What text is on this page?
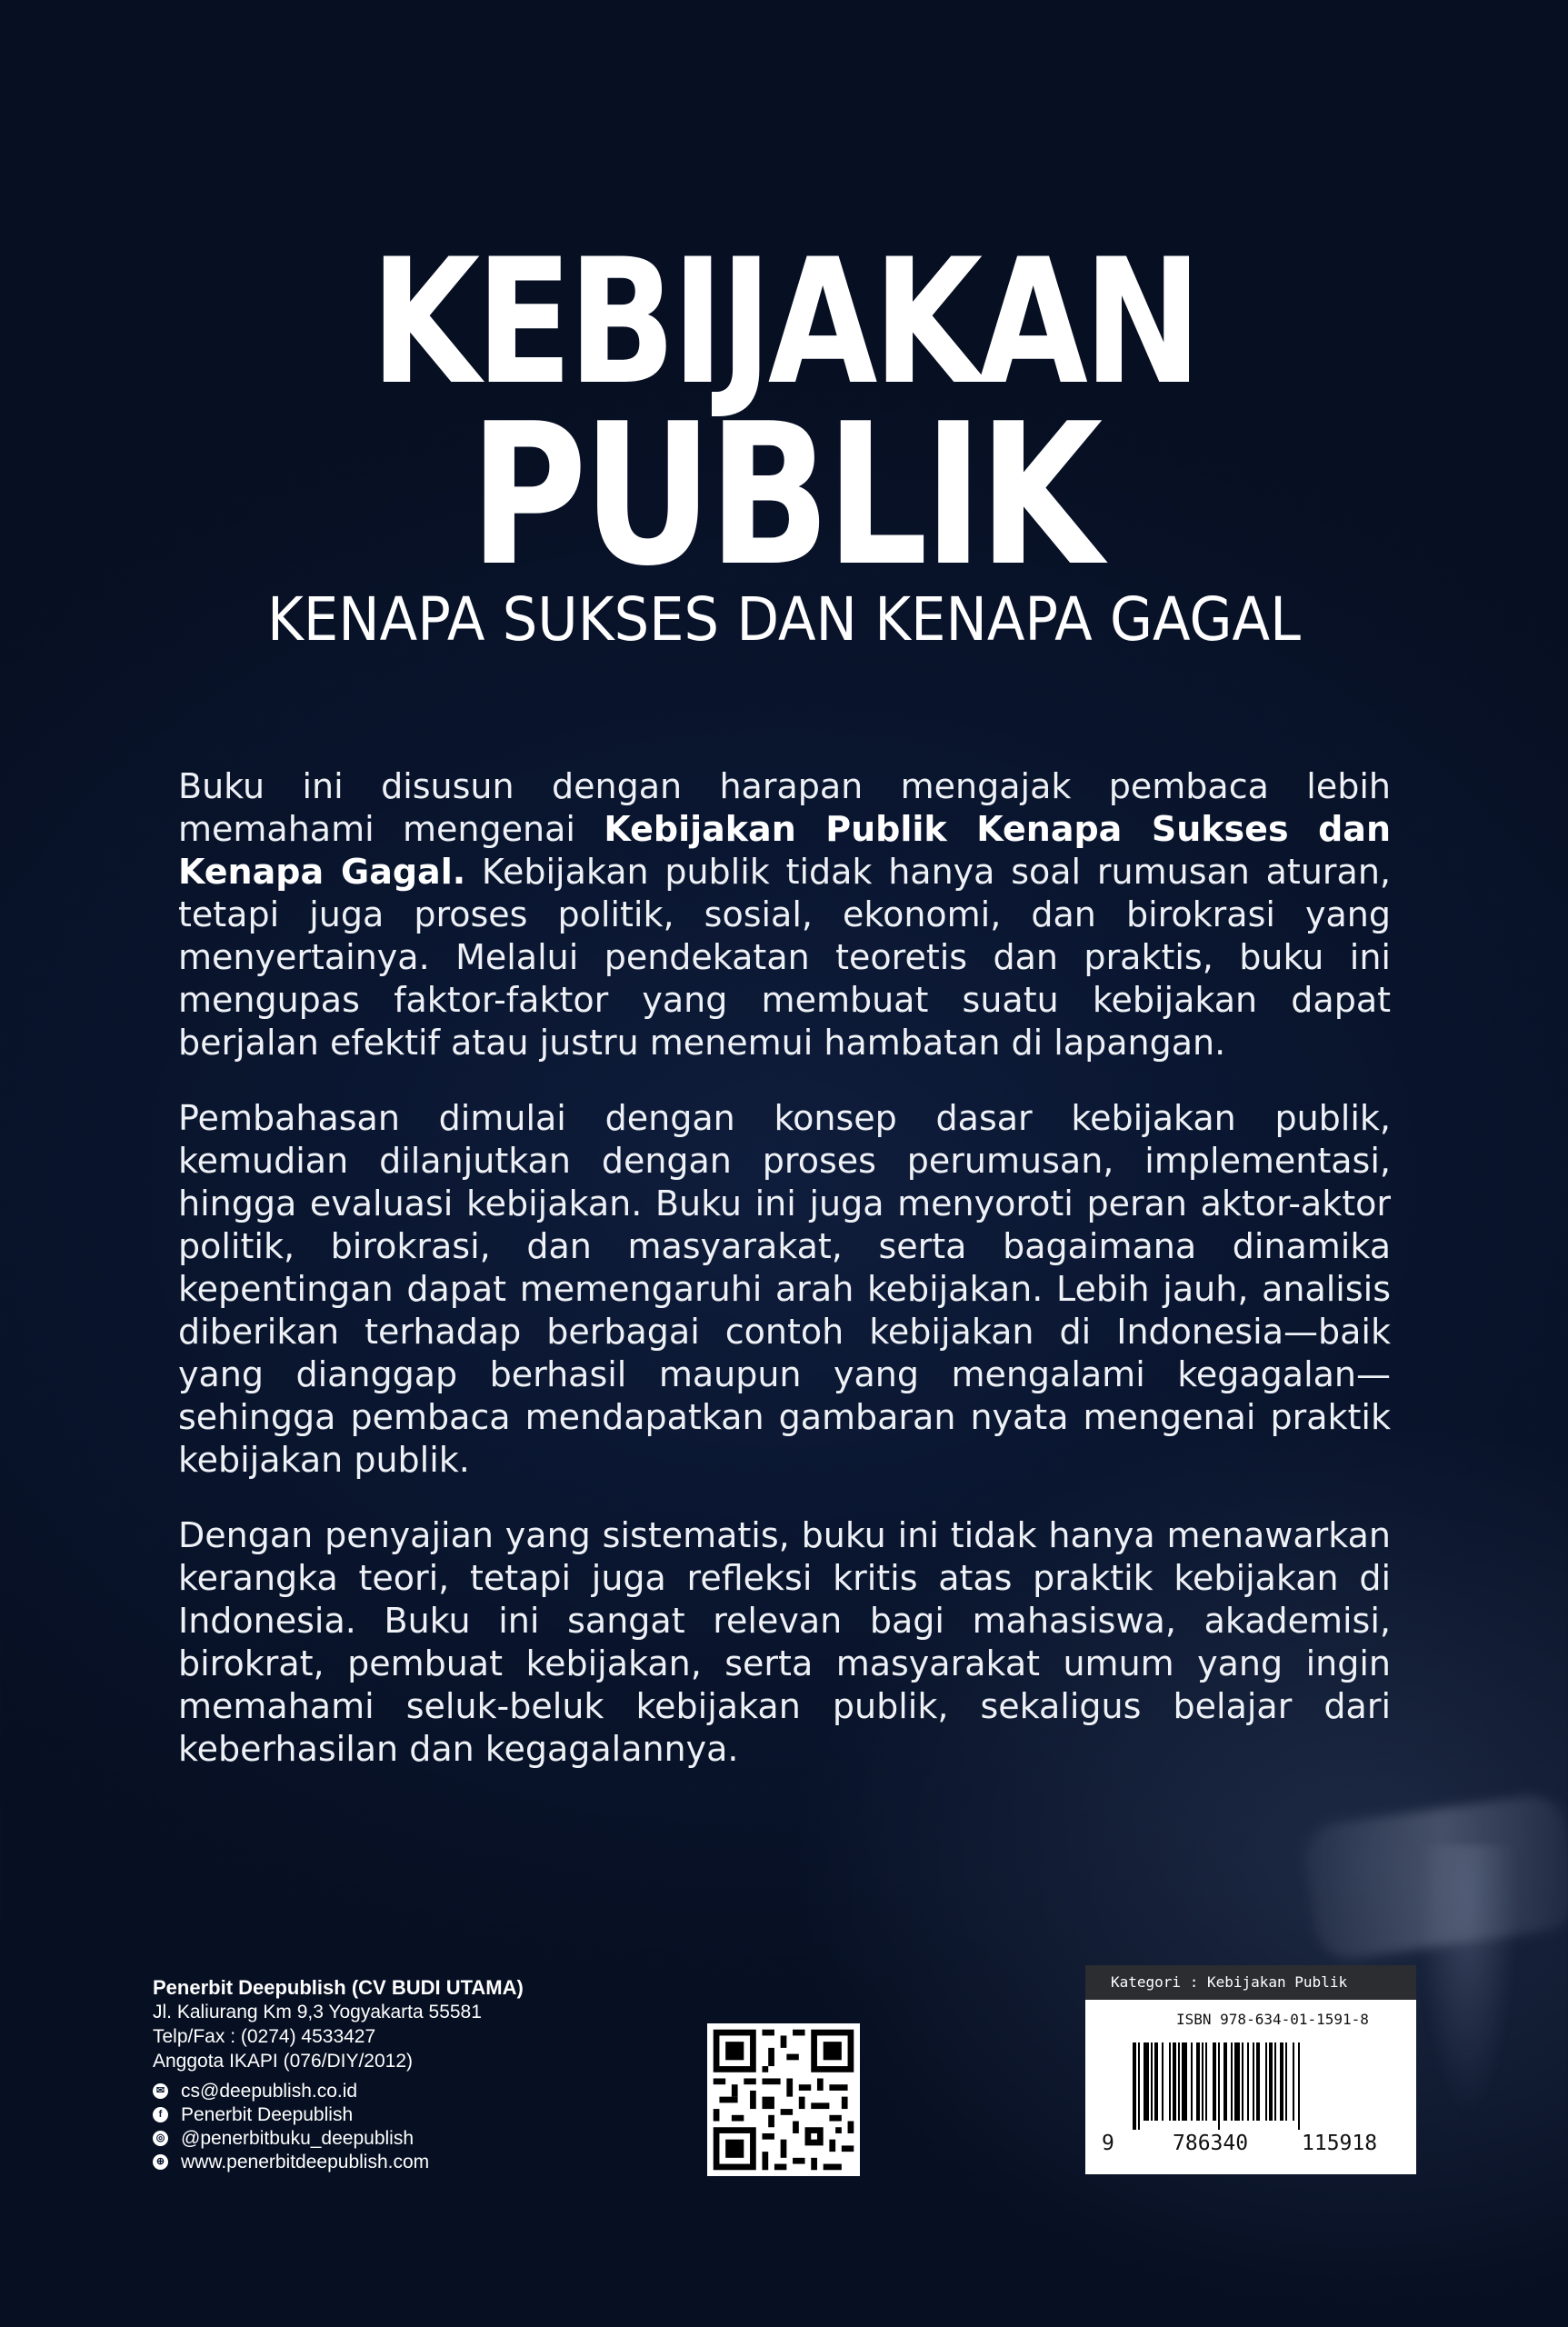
KEBIJAKAN
PUBLIK
KENAPA SUKSES DAN KENAPA GAGAL

Buku ini disusun dengan harapan mengajak pembaca lebih memahami mengenai Kebijakan Publik Kenapa Sukses dan Kenapa Gagal. Kebijakan publik tidak hanya soal rumusan aturan, tetapi juga proses politik, sosial, ekonomi, dan birokrasi yang menyertainya. Melalui pendekatan teoretis dan praktis, buku ini mengupas faktor-faktor yang membuat suatu kebijakan dapat berjalan efektif atau justru menemui hambatan di lapangan.

Pembahasan dimulai dengan konsep dasar kebijakan publik, kemudian dilanjutkan dengan proses perumusan, implementasi, hingga evaluasi kebijakan. Buku ini juga menyoroti peran aktor-aktor politik, birokrasi, dan masyarakat, serta bagaimana dinamika kepentingan dapat memengaruhi arah kebijakan. Lebih jauh, analisis diberikan terhadap berbagai contoh kebijakan di Indonesia—baik yang dianggap berhasil maupun yang mengalami kegagalan—sehingga pembaca mendapatkan gambaran nyata mengenai praktik kebijakan publik.

Dengan penyajian yang sistematis, buku ini tidak hanya menawarkan kerangka teori, tetapi juga refleksi kritis atas praktik kebijakan di Indonesia. Buku ini sangat relevan bagi mahasiswa, akademisi, birokrat, pembuat kebijakan, serta masyarakat umum yang ingin memahami seluk-beluk kebijakan publik, sekaligus belajar dari keberhasilan dan kegagalannya.

Penerbit Deepublish (CV BUDI UTAMA)
Jl. Kaliurang Km 9,3 Yogyakarta 55581
Telp/Fax : (0274) 4533427
Anggota IKAPI (076/DIY/2012)
✉ cs@deepublish.co.id
f Penerbit Deepublish
◎ @penerbitbuku_deepublish
⊕ www.penerbitdeepublish.com
Kategori : Kebijakan Publik
ISBN 978-634-01-1591-8
9	786340	115918
